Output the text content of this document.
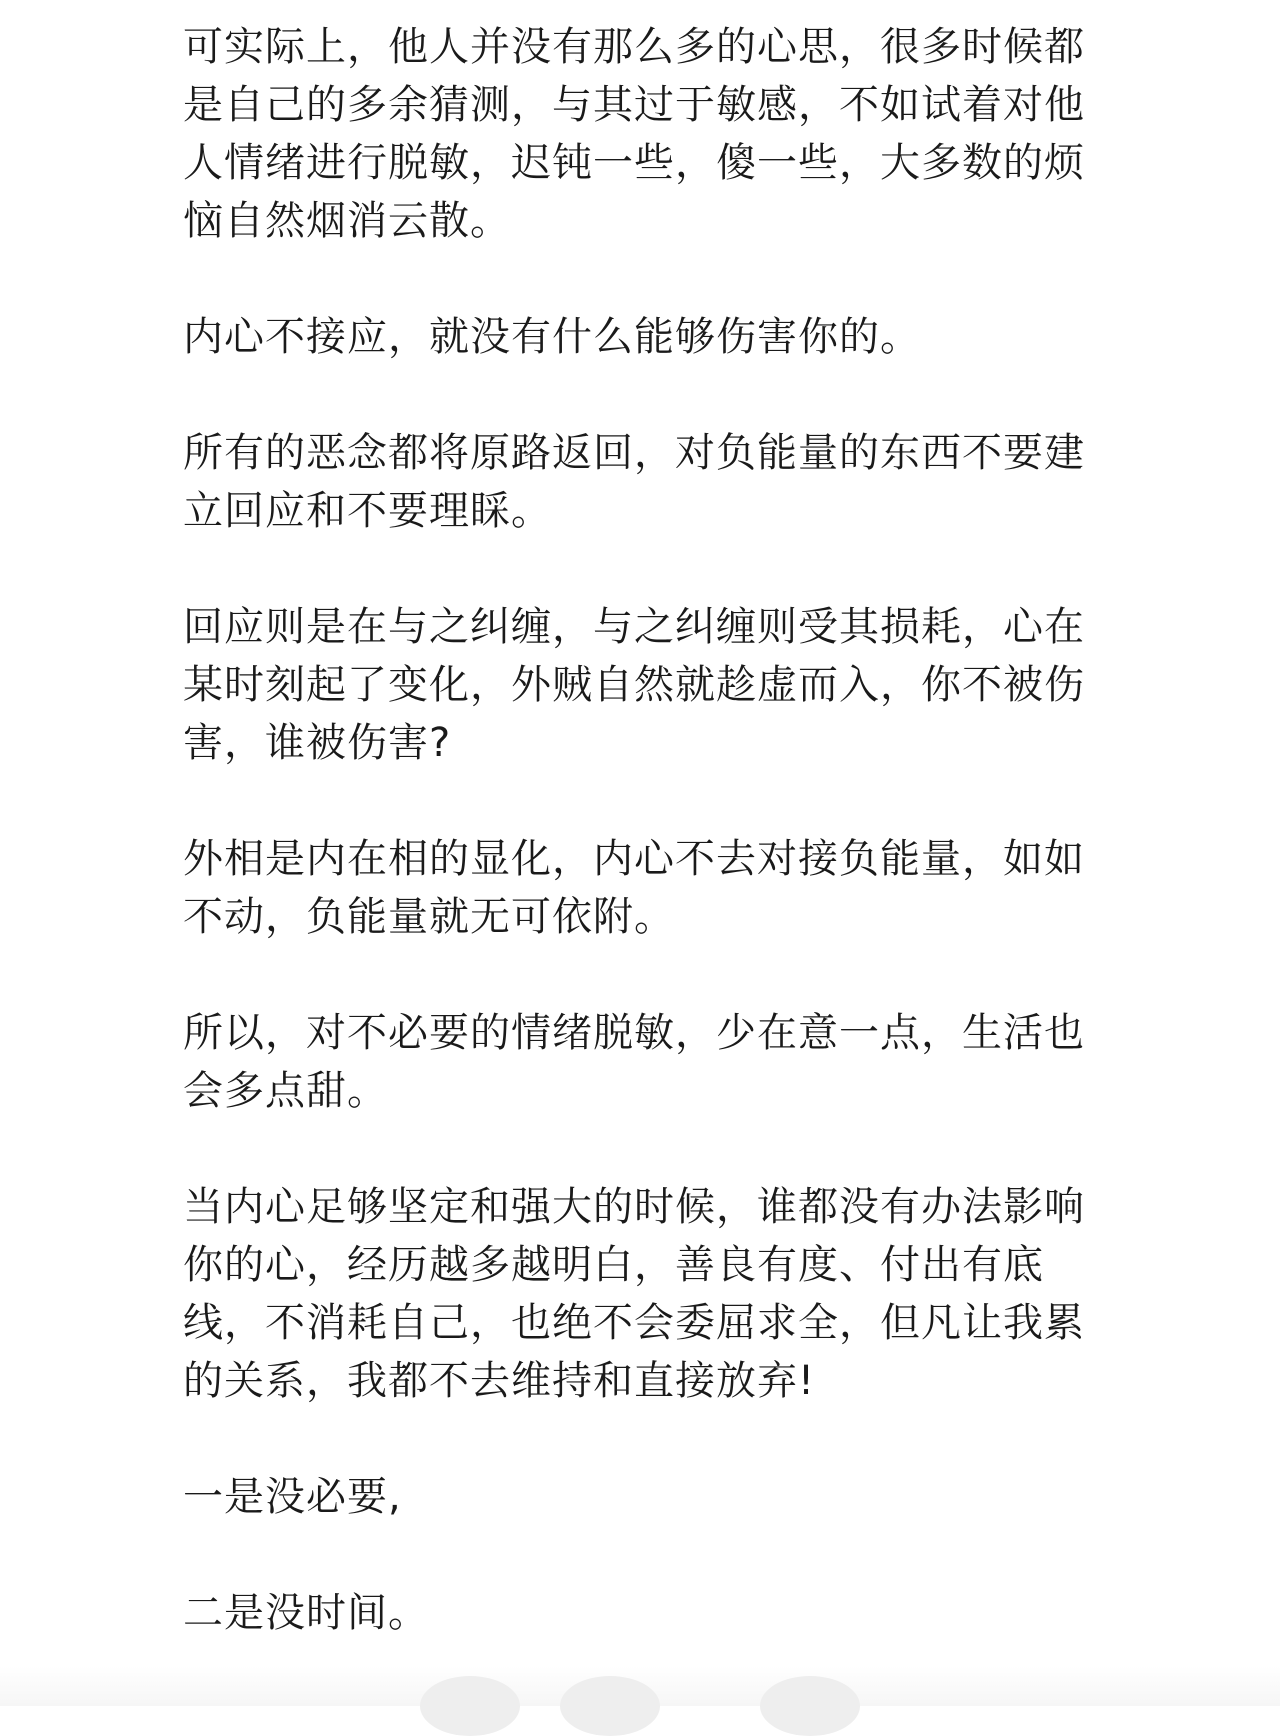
可实际上，他人并没有那么多的心思，很多时候都
是自己的多余猜测，与其过于敏感，不如试着对他
人情绪进行脱敏，迟钝一些，傻一些，大多数的烦
恼自然烟消云散。

内心不接应，就没有什么能够伤害你的。

所有的恶念都将原路返回，对负能量的东西不要建
立回应和不要理睬。

回应则是在与之纠缠，与之纠缠则受其损耗，心在
某时刻起了变化，外贼自然就趁虚而入，你不被伤
害，谁被伤害?

外相是内在相的显化，内心不去对接负能量，如如
不动，负能量就无可依附。

所以，对不必要的情绪脱敏，少在意一点，生活也
会多点甜。

当内心足够坚定和强大的时候，谁都没有办法影响
你的心，经历越多越明白，善良有度、付出有底
线，不消耗自己，也绝不会委屈求全，但凡让我累
的关系，我都不去维持和直接放弃!

一是没必要,

二是没时间。
